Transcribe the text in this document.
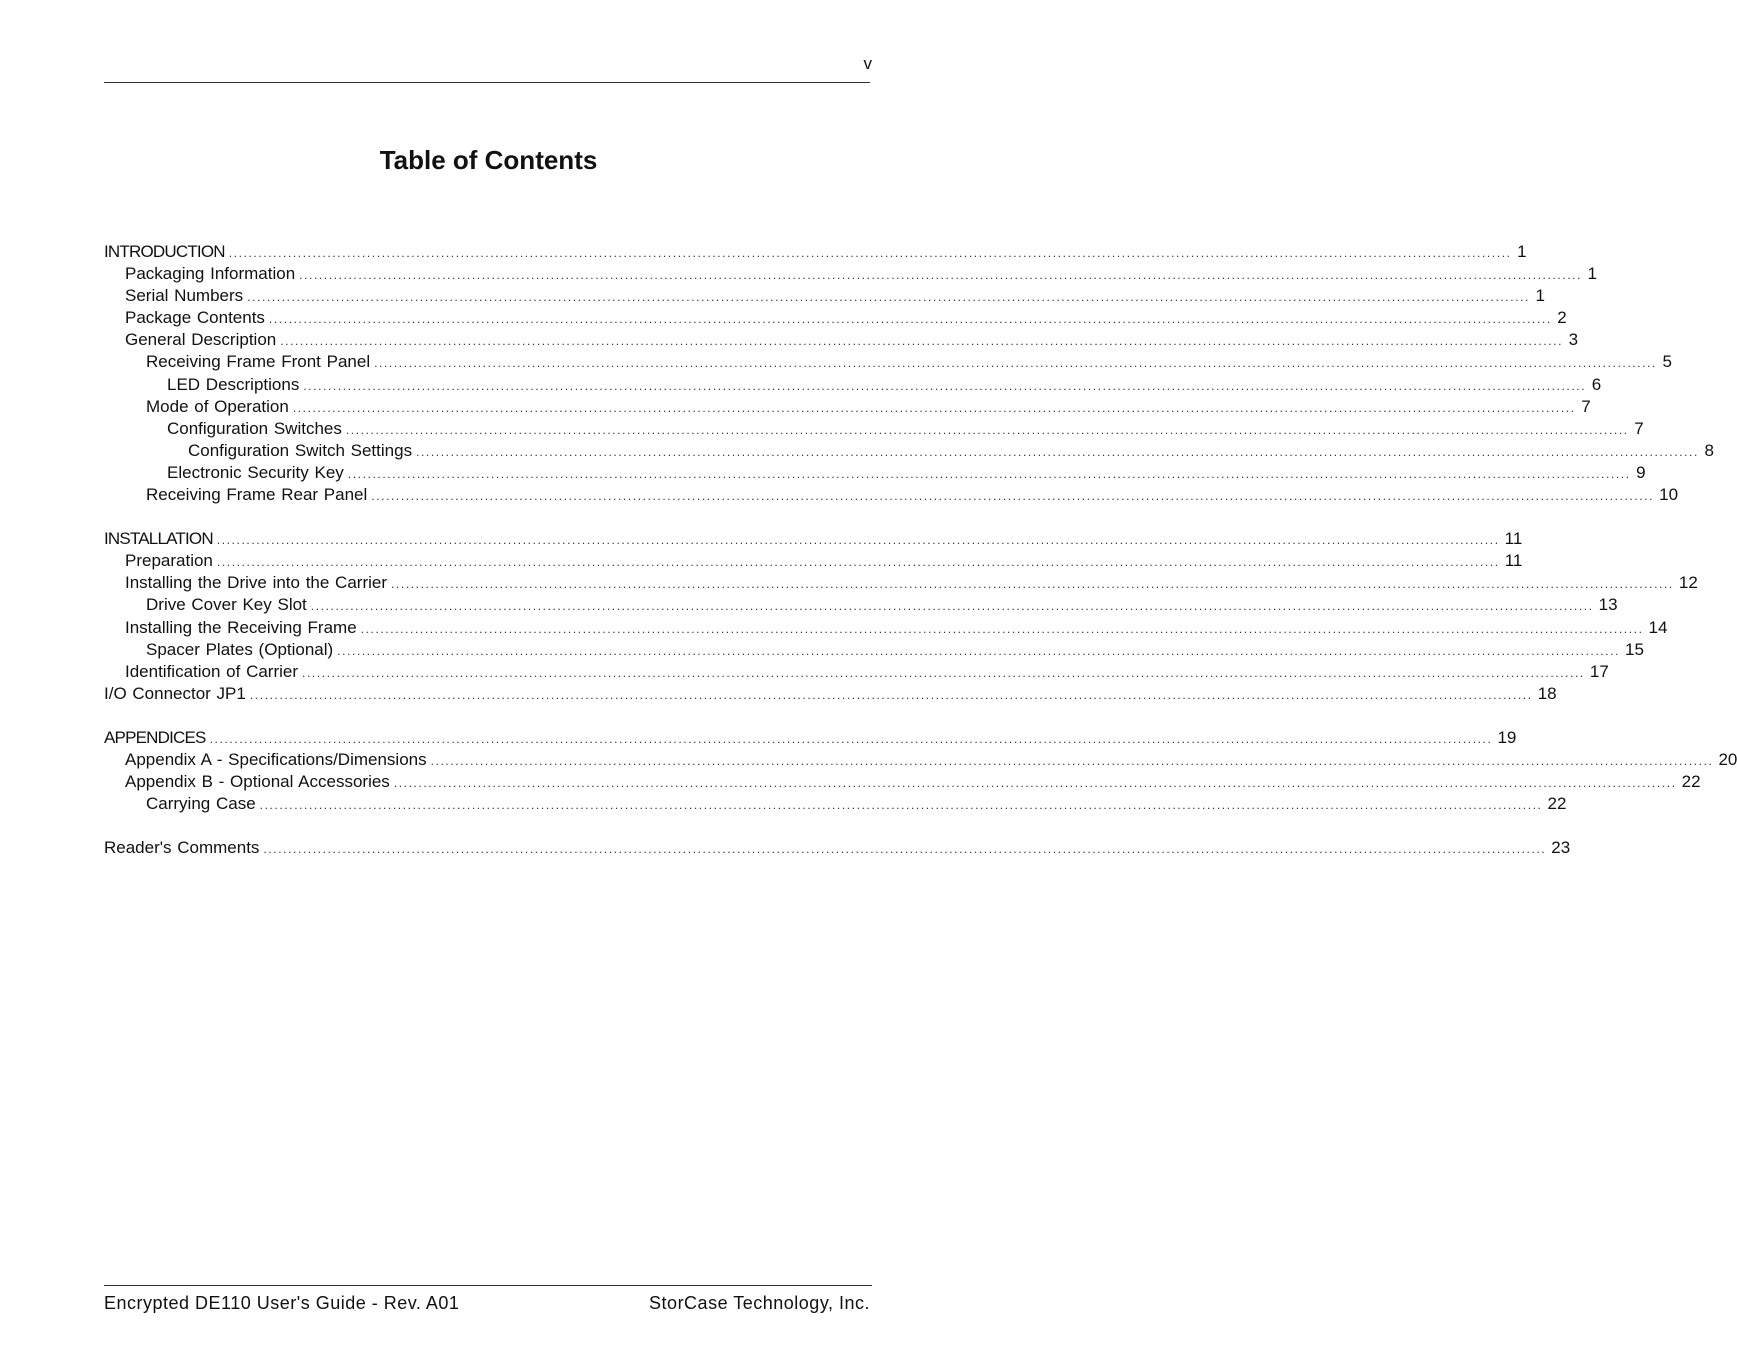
v
Table of Contents
INTRODUCTION .................................................................................................................................................................................................................................................................... 1
Packaging Information .................................................................................................................................................................................................................................................................... 1
Serial Numbers .................................................................................................................................................................................................................................................................... 1
Package Contents .................................................................................................................................................................................................................................................................... 2
General Description .................................................................................................................................................................................................................................................................... 3
Receiving Frame Front Panel .................................................................................................................................................................................................................................................................... 5
LED Descriptions .................................................................................................................................................................................................................................................................... 6
Mode of Operation .................................................................................................................................................................................................................................................................... 7
Configuration Switches .................................................................................................................................................................................................................................................................... 7
Configuration Switch Settings .................................................................................................................................................................................................................................................................... 8
Electronic Security Key .................................................................................................................................................................................................................................................................... 9
Receiving Frame Rear Panel .................................................................................................................................................................................................................................................................... 10
INSTALLATION .................................................................................................................................................................................................................................................................... 11
Preparation .................................................................................................................................................................................................................................................................... 11
Installing the Drive into the Carrier .................................................................................................................................................................................................................................................................... 12
Drive Cover Key Slot .................................................................................................................................................................................................................................................................... 13
Installing the Receiving Frame .................................................................................................................................................................................................................................................................... 14
Spacer Plates (Optional) .................................................................................................................................................................................................................................................................... 15
Identification of Carrier .................................................................................................................................................................................................................................................................... 17
I/O Connector JP1 .................................................................................................................................................................................................................................................................... 18
APPENDICES .................................................................................................................................................................................................................................................................... 19
Appendix A - Specifications/Dimensions .................................................................................................................................................................................................................................................................... 20
Appendix B - Optional Accessories .................................................................................................................................................................................................................................................................... 22
Carrying Case .................................................................................................................................................................................................................................................................... 22
Reader's Comments .................................................................................................................................................................................................................................................................... 23
Encrypted DE110 User's Guide - Rev. A01	StorCase Technology, Inc.
